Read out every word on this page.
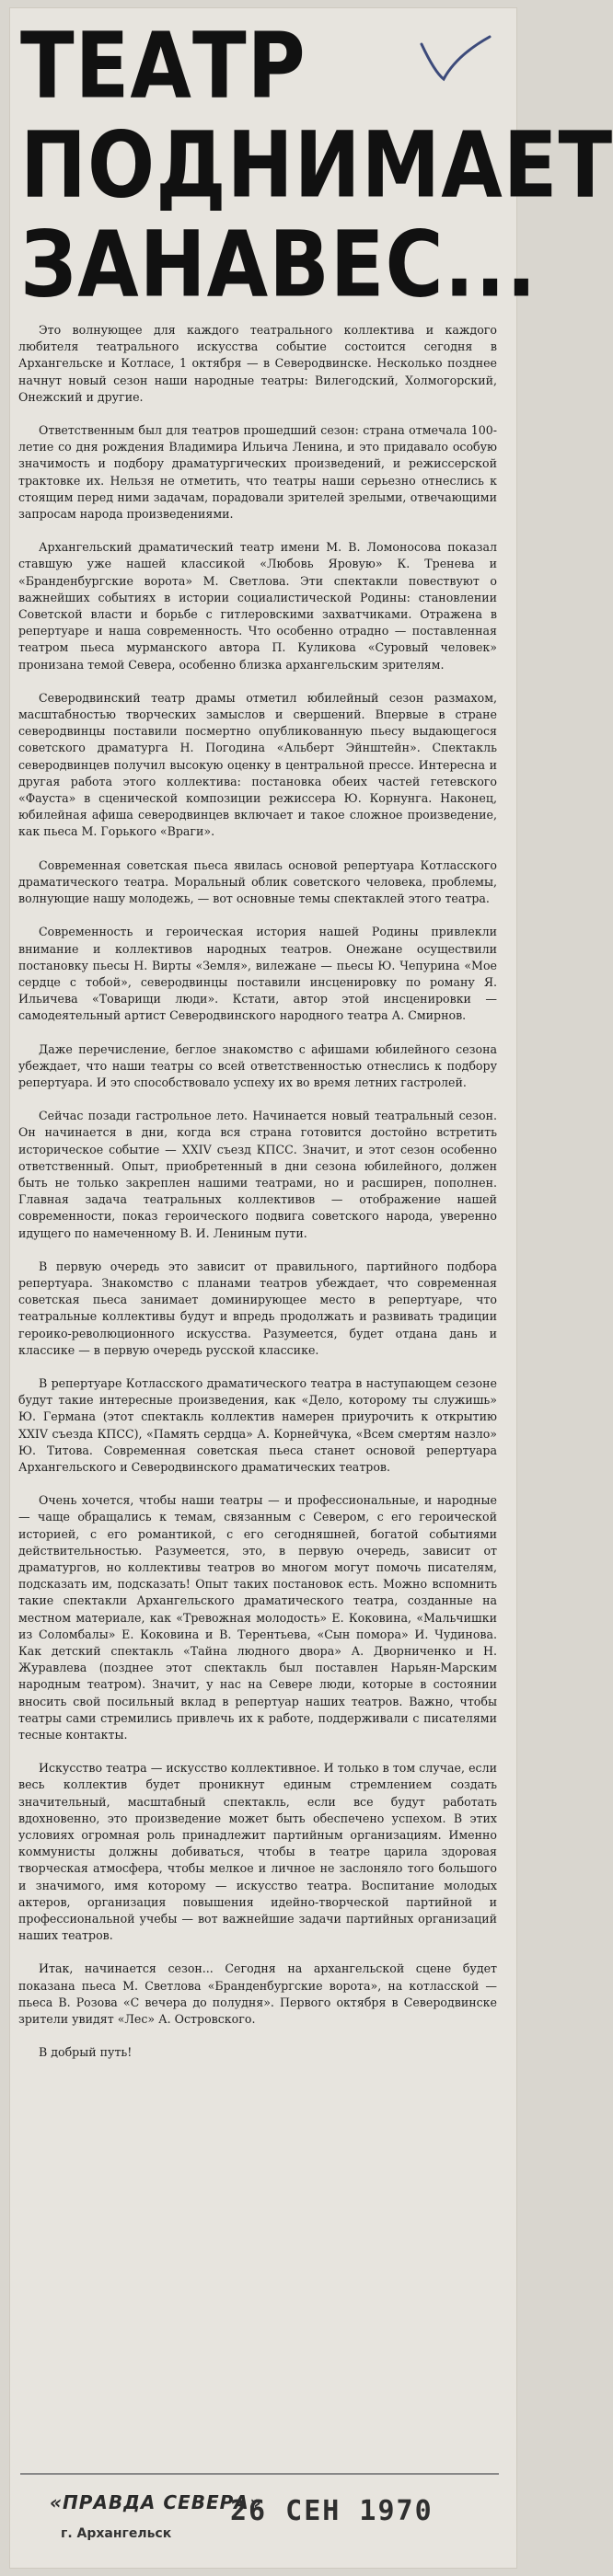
ТЕАТР
ПОДНИМАЕТ
ЗАНАВЕС...

Это волнующее для каждого театрального коллектива и каждого любителя театрального искусства событие состоится сегодня в Архангельске и Котласе, 1 октября — в Северодвинске. Несколько позднее начнут новый сезон наши народные театры: Вилегодский, Холмогорский, Онежский и другие.

Ответственным был для театров прошедший сезон: страна отмечала 100-летие со дня рождения Владимира Ильича Ленина, и это придавало особую значимость и подбору драматургических произведений, и режиссерской трактовке их. Нельзя не отметить, что театры наши серьезно отнеслись к стоящим перед ними задачам, порадовали зрителей зрелыми, отвечающими запросам народа произведениями.

Архангельский драматический театр имени М. В. Ломоносова показал ставшую уже нашей классикой «Любовь Яровую» К. Тренева и «Бранденбургские ворота» М. Светлова. Эти спектакли повествуют о важнейших событиях в истории социалистической Родины: становлении Советской власти и борьбе с гитлеровскими захватчиками. Отражена в репертуаре и наша современность. Что особенно отрадно — поставленная театром пьеса мурманского автора П. Куликова «Суровый человек» пронизана темой Севера, особенно близка архангельским зрителям.

Северодвинский театр драмы отметил юбилейный сезон размахом, масштабностью творческих замыслов и свершений. Впервые в стране северодвинцы поставили посмертно опубликованную пьесу выдающегося советского драматурга Н. Погодина «Альберт Эйнштейн». Спектакль северодвинцев получил высокую оценку в центральной прессе. Интересна и другая работа этого коллектива: постановка обеих частей гетевского «Фауста» в сценической композиции режиссера Ю. Корнунга. Наконец, юбилейная афиша северодвинцев включает и такое сложное произведение, как пьеса М. Горького «Враги».

Современная советская пьеса явилась основой репертуара Котласского драматического театра. Моральный облик советского человека, проблемы, волнующие нашу молодежь, — вот основные темы спектаклей этого театра.

Современность и героическая история нашей Родины привлекли внимание и коллективов народных театров. Онежане осуществили постановку пьесы Н. Вирты «Земля», вилежане — пьесы Ю. Чепурина «Мое сердце с тобой», северодвинцы поставили инсценировку по роману Я. Ильичева «Товарищи люди». Кстати, автор этой инсценировки — самодеятельный артист Северодвинского народного театра А. Смирнов.

Даже перечисление, беглое знакомство с афишами юбилейного сезона убеждает, что наши театры со всей ответственностью отнеслись к подбору репертуара. И это способствовало успеху их во время летних гастролей.

Сейчас позади гастрольное лето. Начинается новый театральный сезон. Он начинается в дни, когда вся страна готовится достойно встретить историческое событие — XXIV съезд КПСС. Значит, и этот сезон особенно ответственный. Опыт, приобретенный в дни сезона юбилейного, должен быть не только закреплен нашими театрами, но и расширен, пополнен. Главная задача театральных коллективов — отображение нашей современности, показ героического подвига советского народа, уверенно идущего по намеченному В. И. Лениным пути.

В первую очередь это зависит от правильного, партийного подбора репертуара. Знакомство с планами театров убеждает, что современная советская пьеса занимает доминирующее место в репертуаре, что театральные коллективы будут и впредь продолжать и развивать традиции героико-революционного искусства. Разумеется, будет отдана дань и классике — в первую очередь русской классике.

В репертуаре Котласского драматического театра в наступающем сезоне будут такие интересные произведения, как «Дело, которому ты служишь» Ю. Германа (этот спектакль коллектив намерен приурочить к открытию XXIV съезда КПСС), «Память сердца» А. Корнейчука, «Всем смертям назло» Ю. Титова. Современная советская пьеса станет основой репертуара Архангельского и Северодвинского драматических театров.

Очень хочется, чтобы наши театры — и профессиональные, и народные — чаще обращались к темам, связанным с Севером, с его героической историей, с его романтикой, с его сегодняшней, богатой событиями действительностью. Разумеется, это, в первую очередь, зависит от драматургов, но коллективы театров во многом могут помочь писателям, подсказать им, подсказать! Опыт таких постановок есть. Можно вспомнить такие спектакли Архангельского драматического театра, созданные на местном материале, как «Тревожная молодость» Е. Коковина, «Мальчишки из Соломбалы» Е. Коковина и В. Терентьева, «Сын помора» И. Чудинова. Как детский спектакль «Тайна людного двора» А. Дворниченко и Н. Журавлева (позднее этот спектакль был поставлен Нарьян-Марским народным театром). Значит, у нас на Севере люди, которые в состоянии вносить свой посильный вклад в репертуар наших театров. Важно, чтобы театры сами стремились привлечь их к работе, поддерживали с писателями тесные контакты.

Искусство театра — искусство коллективное. И только в том случае, если весь коллектив будет проникнут единым стремлением создать значительный, масштабный спектакль, если все будут работать вдохновенно, это произведение может быть обеспечено успехом. В этих условиях огромная роль принадлежит партийным организациям. Именно коммунисты должны добиваться, чтобы в театре царила здоровая творческая атмосфера, чтобы мелкое и личное не заслоняло того большого и значимого, имя которому — искусство театра. Воспитание молодых актеров, организация повышения идейно-творческой партийной и профессиональной учебы — вот важнейшие задачи партийных организаций наших театров.

Итак, начинается сезон... Сегодня на архангельской сцене будет показана пьеса М. Светлова «Бранденбургские ворота», на котласской — пьеса В. Розова «С вечера до полудня». Первого октября в Северодвинске зрители увидят «Лес» А. Островского.

В добрый путь!

«ПРАВДА СЕВЕРА»
г. Архангельск
26 СЕН 1970
